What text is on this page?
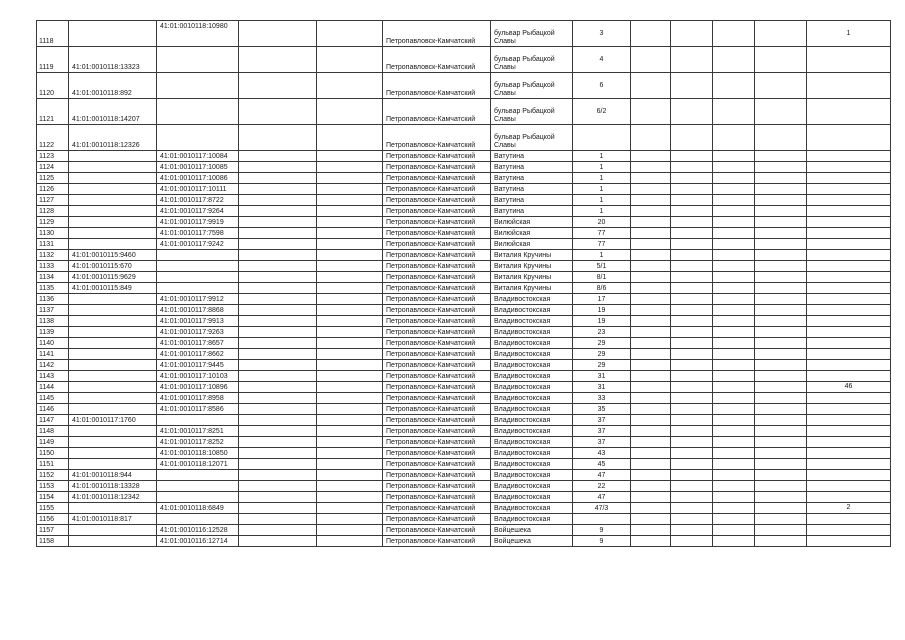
1118		41:01:0010118:10980			Петропавловск-Камчатский	бульвар Рыбацкой Славы	3					1
1119	41:01:0010118:13323				Петропавловск-Камчатский	бульвар Рыбацкой Славы	4					
1120	41:01:0010118:892				Петропавловск-Камчатский	бульвар Рыбацкой Славы	6					
1121	41:01:0010118:14207				Петропавловск-Камчатский	бульвар Рыбацкой Славы	6/2					
1122	41:01:0010118:12326				Петропавловск-Камчатский	бульвар Рыбацкой Славы						
1123		41:01:0010117:10084			Петропавловск-Камчатский	Ватутина	1					
1124		41:01:0010117:10085			Петропавловск-Камчатский	Ватутина	1					
1125		41:01:0010117:10086			Петропавловск-Камчатский	Ватутина	1					
1126		41:01:0010117:10111			Петропавловск-Камчатский	Ватутина	1					
1127		41:01:0010117:8722			Петропавловск-Камчатский	Ватутина	1					
1128		41:01:0010117:9264			Петропавловск-Камчатский	Ватутина	1					
1129		41:01:0010117:9919			Петропавловск-Камчатский	Вилюйская	20					
1130		41:01:0010117:7598			Петропавловск-Камчатский	Вилюйская	77					
1131		41:01:0010117:9242			Петропавловск-Камчатский	Вилюйская	77					
1132	41:01:0010115:9460				Петропавловск-Камчатский	Виталия Кручины	1					
1133	41:01:0010115:670				Петропавловск-Камчатский	Виталия Кручины	5/1					
1134	41:01:0010115:9629				Петропавловск-Камчатский	Виталия Кручины	8/1					
1135	41:01:0010115:849				Петропавловск-Камчатский	Виталия Кручины	8/6					
1136		41:01:0010117:9912			Петропавловск-Камчатский	Владивостокская	17					
1137		41:01:0010117:8868			Петропавловск-Камчатский	Владивостокская	19					
1138		41:01:0010117:9913			Петропавловск-Камчатский	Владивостокская	19					
1139		41:01:0010117:9263			Петропавловск-Камчатский	Владивостокская	23					
1140		41:01:0010117:8657			Петропавловск-Камчатский	Владивостокская	29					
1141		41:01:0010117:8662			Петропавловск-Камчатский	Владивостокская	29					
1142		41:01:0010117:9445			Петропавловск-Камчатский	Владивостокская	29					
1143		41:01:0010117:10103			Петропавловск-Камчатский	Владивостокская	31					
1144		41:01:0010117:10896			Петропавловск-Камчатский	Владивостокская	31					46
1145		41:01:0010117:8958			Петропавловск-Камчатский	Владивостокская	33					
1146		41:01:0010117:8586			Петропавловск-Камчатский	Владивостокская	35					
1147	41:01:0010117:1760				Петропавловск-Камчатский	Владивостокская	37					
1148		41:01:0010117:8251			Петропавловск-Камчатский	Владивостокская	37					
1149		41:01:0010117:8252			Петропавловск-Камчатский	Владивостокская	37					
1150		41:01:0010118:10850			Петропавловск-Камчатский	Владивостокская	43					
1151		41:01:0010118:12071			Петропавловск-Камчатский	Владивостокская	45					
1152	41:01:0010118:944				Петропавловск-Камчатский	Владивостокская	47					
1153	41:01:0010118:13328				Петропавловск-Камчатский	Владивостокская	22					
1154	41:01:0010118:12342				Петропавловск-Камчатский	Владивостокская	47					
1155		41:01:0010118:6849			Петропавловск-Камчатский	Владивостокская	47/3					2
1156	41:01:0010118:817				Петропавловск-Камчатский	Владивостокская						
1157		41:01:0010116:12528			Петропавловск-Камчатский	Войцешека	9					
1158		41:01:0010116:12714			Петропавловск-Камчатский	Войцешека	9					
